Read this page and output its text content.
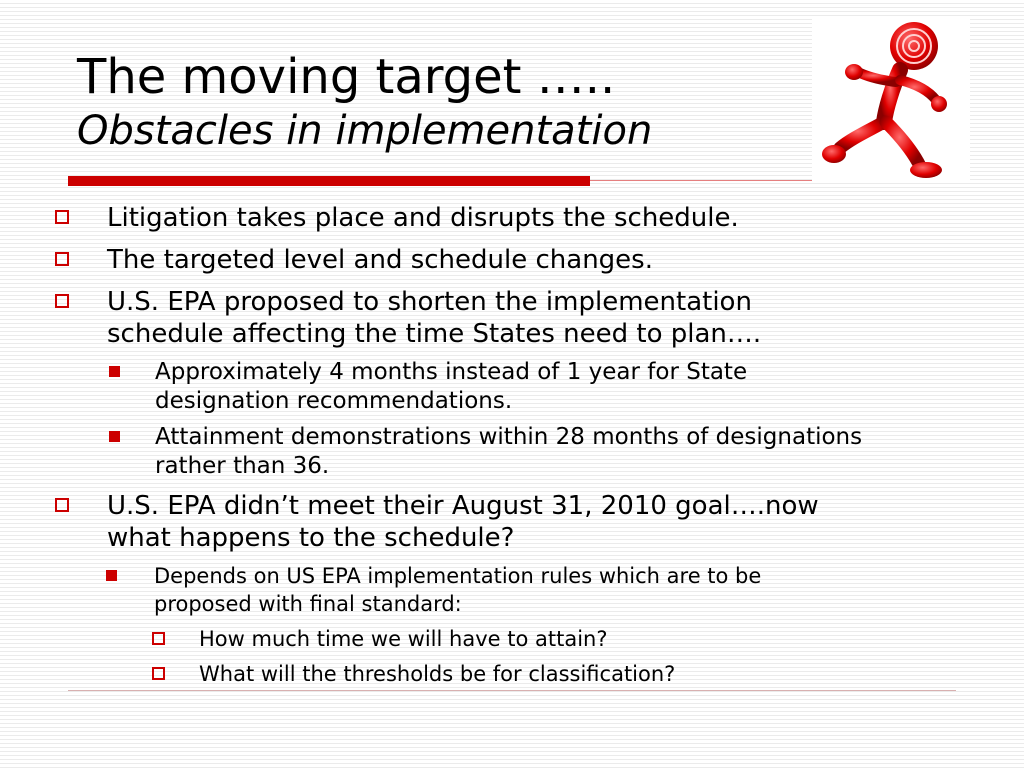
The moving target …..
Obstacles in implementation
Litigation takes place and disrupts the schedule.
The targeted level and schedule changes.
U.S. EPA proposed to shorten the implementation
schedule affecting the time States need to plan….
Approximately 4 months instead of 1 year for State
designation recommendations.
Attainment demonstrations within 28 months of designations
rather than 36.
U.S. EPA didn’t meet their August 31, 2010 goal….now
what happens to the schedule?
Depends on US EPA implementation rules which are to be
proposed with final standard:
How much time we will have to attain?
What will the thresholds be for classification?
